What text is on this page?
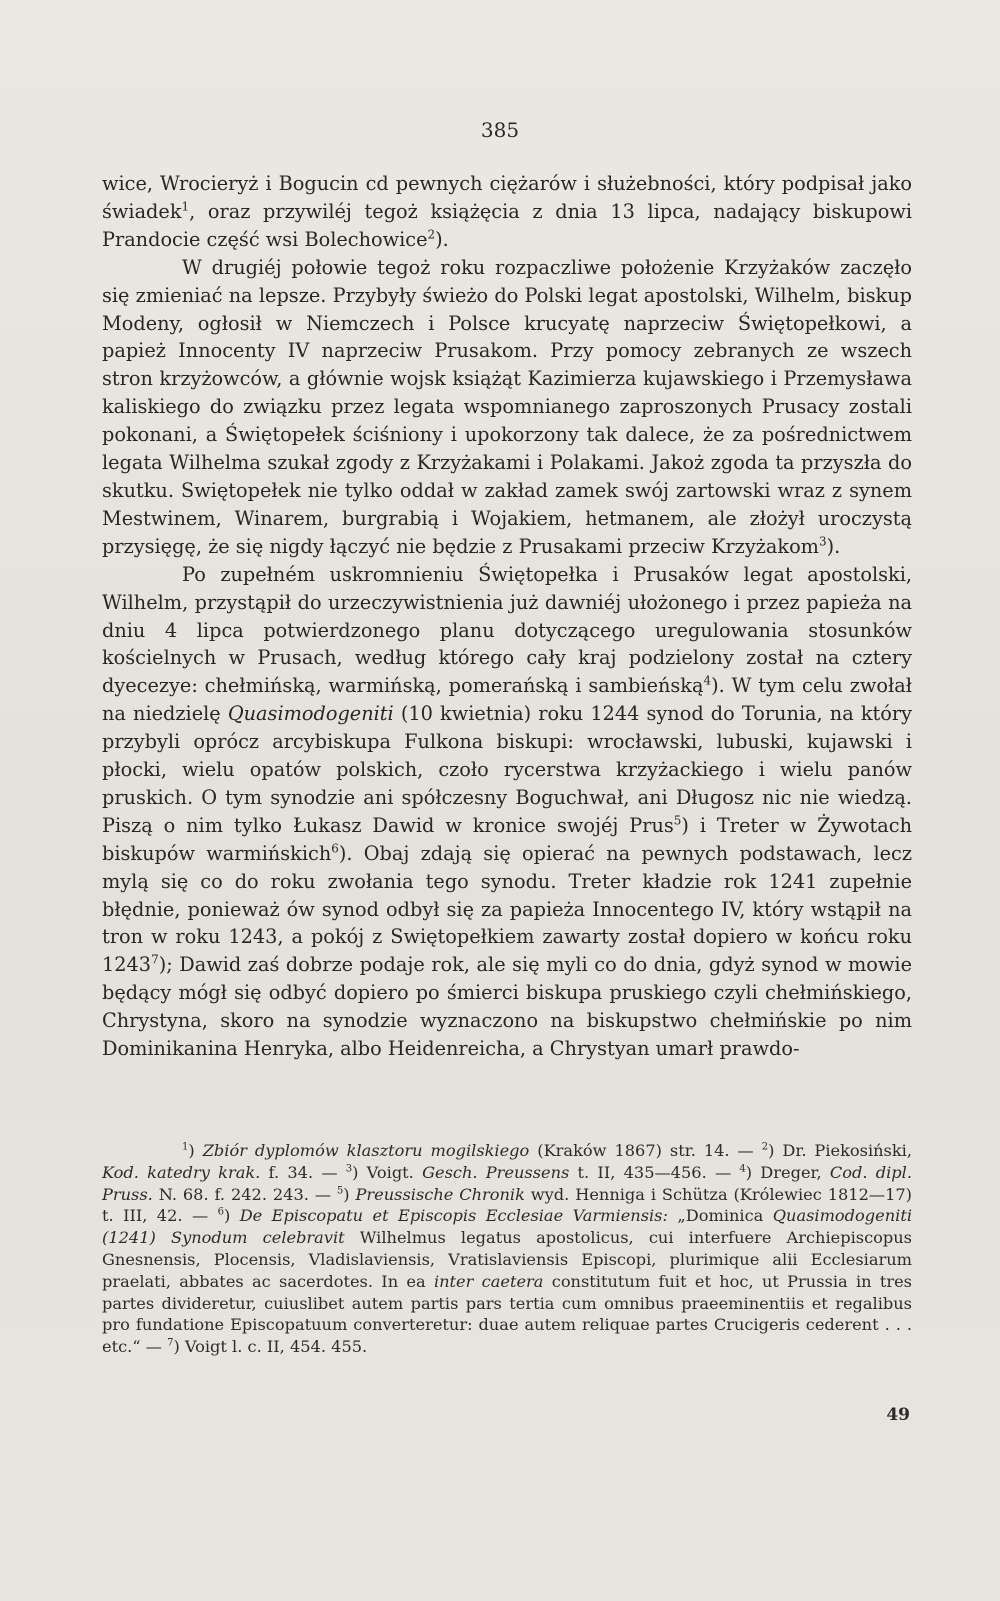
385

wice, Wrocieryż i Bogucin cd pewnych ciężarów i służebności, który podpisał jako świadek$^1$, oraz przywiléj tegoż książęcia z dnia 13 lipca, nadający biskupowi Prandocie część wsi Bolechowice$^2$).

W drugiéj połowie tegoż roku rozpaczliwe położenie Krzyżaków zaczęło się zmieniać na lepsze. Przybyły świeżo do Polski legat apostolski, Wilhelm, biskup Modeny, ogłosił w Niemczech i Polsce krucyatę naprzeciw Świętopełkowi, a papież Innocenty IV naprzeciw Prusakom. Przy pomocy zebranych ze wszech stron krzyżowców, a głównie wojsk książąt Kazimierza kujawskiego i Przemysława kaliskiego do związku przez legata wspomnianego zaproszonych Prusacy zostali pokonani, a Świętopełek ściśniony i upokorzony tak dalece, że za pośrednictwem legata Wilhelma szukał zgody z Krzyżakami i Polakami. Jakoż zgoda ta przyszła do skutku. Swiętopełek nie tylko oddał w zakład zamek swój zartowski wraz z synem Mestwinem, Winarem, burgrabią i Wojakiem, hetmanem, ale złożył uroczystą przysięgę, że się nigdy łączyć nie będzie z Prusakami przeciw Krzyżakom$^3$).

Po zupełném uskromnieniu Świętopełka i Prusaków legat apostolski, Wilhelm, przystąpił do urzeczywistnienia już dawniéj ułożonego i przez papieża na dniu 4 lipca potwierdzonego planu dotyczącego uregulowania stosunków kościelnych w Prusach, według którego cały kraj podzielony został na cztery dyecezye: chełmińską, warmińską, pomerańską i sambieńską$^4$). W tym celu zwołał na niedzielę Quasimodogeniti (10 kwietnia) roku 1244 synod do Torunia, na który przybyli oprócz arcybiskupa Fulkona biskupi: wrocławski, lubuski, kujawski i płocki, wielu opatów polskich, czoło rycerstwa krzyżackiego i wielu panów pruskich. O tym synodzie ani spółczesny Boguchwał, ani Długosz nic nie wiedzą. Piszą o nim tylko Łukasz Dawid w kronice swojéj Prus$^5$) i Treter w Żywotach biskupów warmińskich$^6$). Obaj zdają się opierać na pewnych podstawach, lecz mylą się co do roku zwołania tego synodu. Treter kładzie rok 1241 zupełnie błędnie, ponieważ ów synod odbył się za papieża Innocentego IV, który wstąpił na tron w roku 1243, a pokój z Swiętopełkiem zawarty został dopiero w końcu roku 1243$^7$); Dawid zaś dobrze podaje rok, ale się myli co do dnia, gdyż synod w mowie będący mógł się odbyć dopiero po śmierci biskupa pruskiego czyli chełmińskiego, Chrystyna, skoro na synodzie wyznaczono na biskupstwo chełmińskie po nim Dominikanina Henryka, albo Heidenreicha, a Chrystyan umarł prawdo-

$^1$) Zbiór dyplomów klasztoru mogilskiego (Kraków 1867) str. 14. — $^2$) Dr. Piekosiński, Kod. katedry krak. f. 34. — $^3$) Voigt. Gesch. Preussens t. II, 435—456. — $^4$) Dreger, Cod. dipl. Pruss. N. 68. f. 242. 243. — $^5$) Preussische Chronik wyd. Henniga i Schütza (Królewiec 1812—17) t. III, 42. — $^6$) De Episcopatu et Episcopis Ecclesiae Varmiensis: „Dominica Quasimodogeniti (1241) Synodum celebravit Wilhelmus legatus apostolicus, cui interfuere Archiepiscopus Gnesnensis, Plocensis, Vladislaviensis, Vratislaviensis Episcopi, plurimique alii Ecclesiarum praelati, abbates ac sacerdotes. In ea inter caetera constitutum fuit et hoc, ut Prussia in tres partes divideretur, cuiuslibet autem partis pars tertia cum omnibus praeeminentiis et regalibus pro fundatione Episcopatuum converteretur: duae autem reliquae partes Crucigeris cederent . . . etc.“ — $^7$) Voigt l. c. II, 454. 455.

49
